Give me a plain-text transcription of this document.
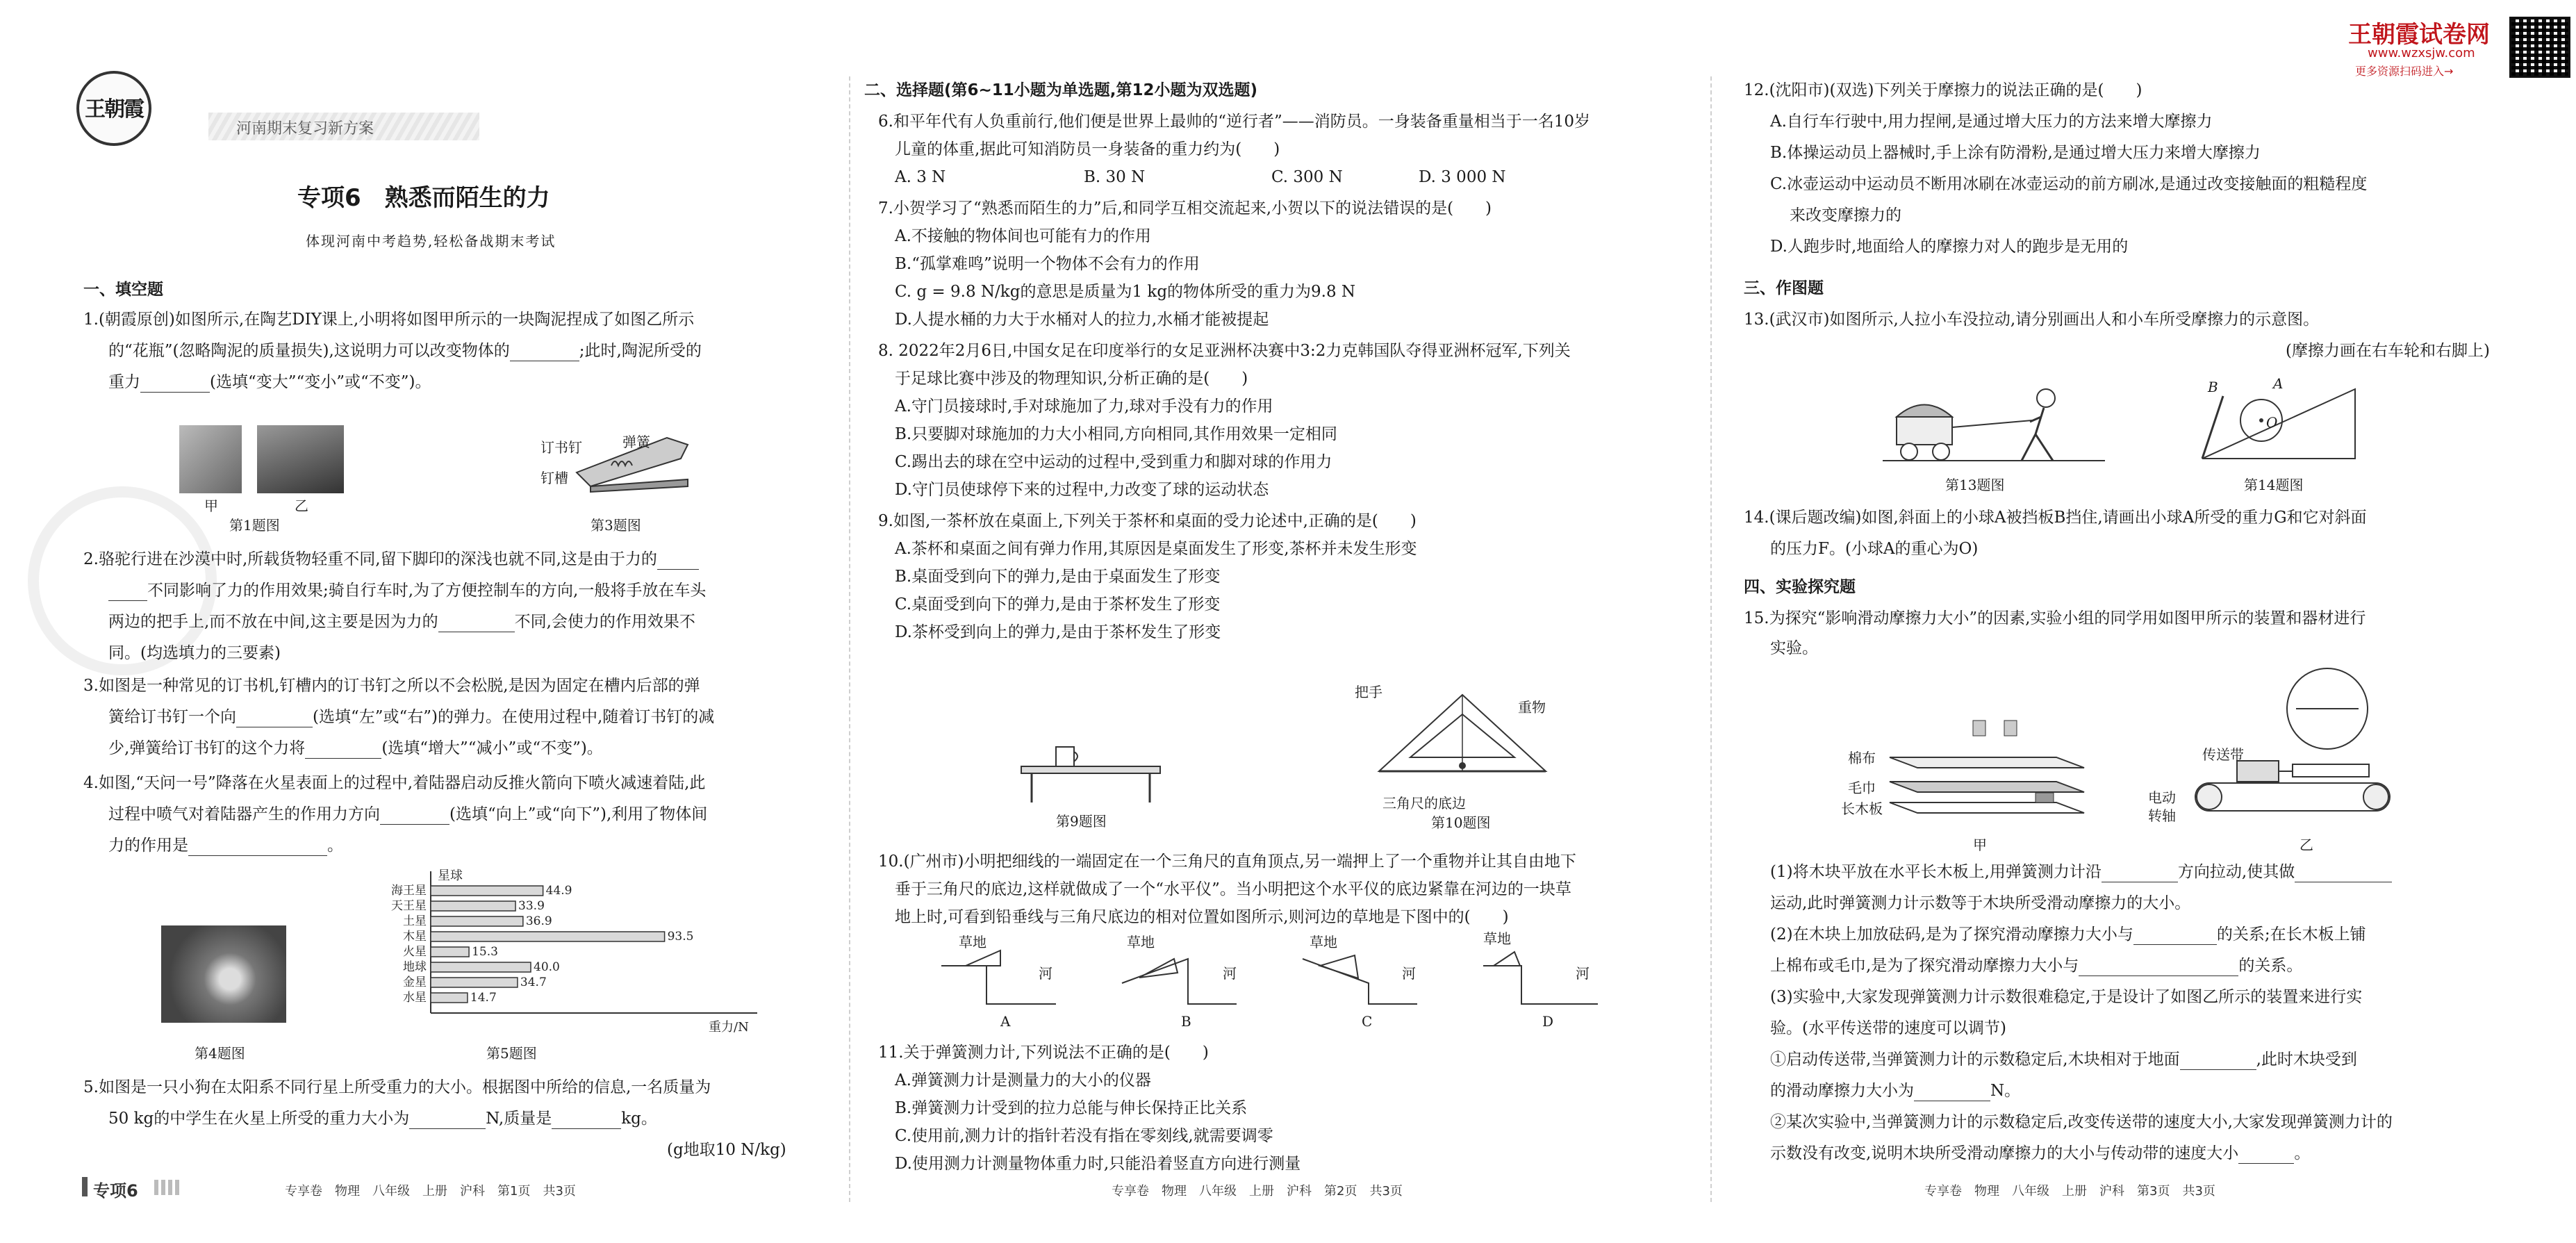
王朝霞
河南期末复习新方案
专项6　熟悉而陌生的力
体现河南中考趋势,轻松备战期末考试
一、填空题
1.(朝霞原创)如图所示,在陶艺DIY课上,小明将如图甲所示的一块陶泥捏成了如图乙所示
的“花瓶”(忽略陶泥的质量损失),这说明力可以改变物体的	;此时,陶泥所受的
重力	(选填“变大”“变小”或“不变”)。
甲	乙
第1题图
订书钉	弹簧
钉槽
第3题图
2.骆驼行进在沙漠中时,所载货物轻重不同,留下脚印的深浅也就不同,这是由于力的
不同影响了力的作用效果;骑自行车时,为了方便控制车的方向,一般将手放在车头
两边的把手上,而不放在中间,这主要是因为力的	不同,会使力的作用效果不
同。(均选填力的三要素)
3.如图是一种常见的订书机,钉槽内的订书钉之所以不会松脱,是因为固定在槽内后部的弹
簧给订书钉一个向	(选填“左”或“右”)的弹力。在使用过程中,随着订书钉的减
少,弹簧给订书钉的这个力将	(选填“增大”“减小”或“不变”)。
4.如图,“天问一号”降落在火星表面上的过程中,着陆器启动反推火箭向下喷火减速着陆,此
过程中喷气对着陆器产生的作用力方向	(选填“向上”或“向下”),利用了物体间
力的作用是	。
第4题图
星球
重力/N
海王星	44.9
天王星	33.9
土星	36.9
木星	93.5
火星	15.3
地球	40.0
金星	34.7
水星	14.7
第5题图
5.如图是一只小狗在太阳系不同行星上所受重力的大小。根据图中所给的信息,一名质量为
50 kg的中学生在火星上所受的重力大小为	N,质量是	kg。
(g地取10 N/kg)
专项6	专享卷　物理　八年级　上册　沪科　第1页　共3页
二、选择题(第6~11小题为单选题,第12小题为双选题)
6.和平年代有人负重前行,他们便是世界上最帅的“逆行者”——消防员。一身装备重量相当于一名10岁
儿童的体重,据此可知消防员一身装备的重力约为(　　)
A. 3 N	B. 30 N	C. 300 N	D. 3 000 N
7.小贺学习了“熟悉而陌生的力”后,和同学互相交流起来,小贺以下的说法错误的是(　　)
A.不接触的物体间也可能有力的作用
B.“孤掌难鸣”说明一个物体不会有力的作用
C. g = 9.8 N/kg的意思是质量为1 kg的物体所受的重力为9.8 N
D.人提水桶的力大于水桶对人的拉力,水桶才能被提起
8. 2022年2月6日,中国女足在印度举行的女足亚洲杯决赛中3:2力克韩国队夺得亚洲杯冠军,下列关
于足球比赛中涉及的物理知识,分析正确的是(　　)
A.守门员接球时,手对球施加了力,球对手没有力的作用
B.只要脚对球施加的力大小相同,方向相同,其作用效果一定相同
C.踢出去的球在空中运动的过程中,受到重力和脚对球的作用力
D.守门员使球停下来的过程中,力改变了球的运动状态
9.如图,一茶杯放在桌面上,下列关于茶杯和桌面的受力论述中,正确的是(　　)
A.茶杯和桌面之间有弹力作用,其原因是桌面发生了形变,茶杯并未发生形变
B.桌面受到向下的弹力,是由于桌面发生了形变
C.桌面受到向下的弹力,是由于茶杯发生了形变
D.茶杯受到向上的弹力,是由于茶杯发生了形变
第9题图
把手
重物
三角尺的底边
第10题图
10.(广州市)小明把细线的一端固定在一个三角尺的直角顶点,另一端押上了一个重物并让其自由地下
垂于三角尺的底边,这样就做成了一个“水平仪”。当小明把这个水平仪的底边紧靠在河边的一块草
地上时,可看到铅垂线与三角尺底边的相对位置如图所示,则河边的草地是下图中的(　　)
草地
河
草地
河
草地
河
草地
河
A	B	C	D
11.关于弹簧测力计,下列说法不正确的是(　　)
A.弹簧测力计是测量力的大小的仪器
B.弹簧测力计受到的拉力总能与伸长保持正比关系
C.使用前,测力计的指针若没有指在零刻线,就需要调零
D.使用测力计测量物体重力时,只能沿着竖直方向进行测量
专享卷　物理　八年级　上册　沪科　第2页　共3页
王朝霞试卷网
www.wzxsjw.com
更多资源扫码进入→
12.(沈阳市)(双选)下列关于摩擦力的说法正确的是(　　)
A.自行车行驶中,用力捏闸,是通过增大压力的方法来增大摩擦力
B.体操运动员上器械时,手上涂有防滑粉,是通过增大压力来增大摩擦力
C.冰壶运动中运动员不断用冰刷在冰壶运动的前方刷冰,是通过改变接触面的粗糙程度
来改变摩擦力的
D.人跑步时,地面给人的摩擦力对人的跑步是无用的
三、作图题
13.(武汉市)如图所示,人拉小车没拉动,请分别画出人和小车所受摩擦力的示意图。
(摩擦力画在右车轮和右脚上)
第13题图
B	A
O
第14题图
14.(课后题改编)如图,斜面上的小球A被挡板B挡住,请画出小球A所受的重力G和它对斜面
的压力F。(小球A的重心为O)
四、实验探究题
15.为探究“影响滑动摩擦力大小”的因素,实验小组的同学用如图甲所示的装置和器材进行
实验。
棉布
毛巾
长木板
甲
传送带
电动
转轴
乙
(1)将木块平放在水平长木板上,用弹簧测力计沿	方向拉动,使其做
运动,此时弹簧测力计示数等于木块所受滑动摩擦力的大小。
(2)在木块上加放砝码,是为了探究滑动摩擦力大小与	的关系;在长木板上铺
上棉布或毛巾,是为了探究滑动摩擦力大小与	的关系。
(3)实验中,大家发现弹簧测力计示数很难稳定,于是设计了如图乙所示的装置来进行实
验。(水平传送带的速度可以调节)
①启动传送带,当弹簧测力计的示数稳定后,木块相对于地面	,此时木块受到
的滑动摩擦力大小为	N。
②某次实验中,当弹簧测力计的示数稳定后,改变传送带的速度大小,大家发现弹簧测力计的
示数没有改变,说明木块所受滑动摩擦力的大小与传动带的速度大小	。
专享卷　物理　八年级　上册　沪科　第3页　共3页
